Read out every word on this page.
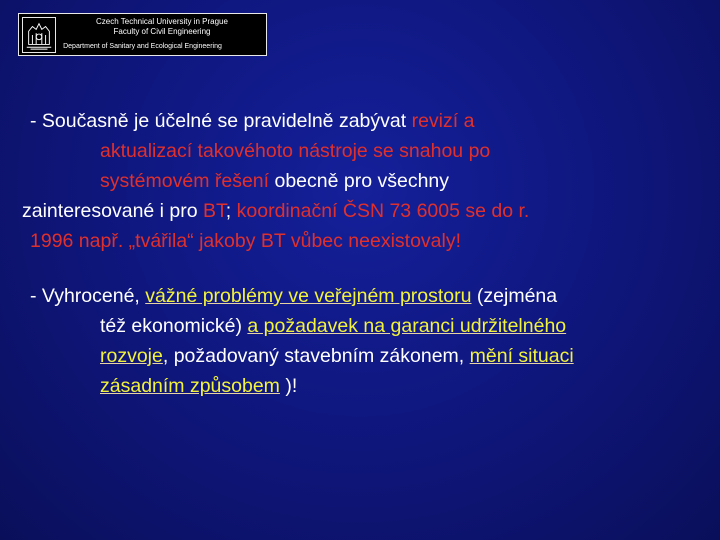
Czech Technical University in Prague
Faculty of Civil Engineering
Department of Sanitary and Ecological Engineering
- Současně je účelné se pravidelně zabývat revizí a
aktualizací takovéhoto nástroje se snahou po
systémovém řešení obecně pro všechny
zainteresované i pro BT; koordinační ČSN 73 6005 se do r.
1996 např. „tvářila“ jakoby BT vůbec neexistovaly!
- Vyhrocené, vážné problémy ve veřejném prostoru (zejména
též ekonomické) a požadavek na garanci udržitelného
rozvoje, požadovaný stavebním zákonem, mění situaci
zásadním způsobem )!
